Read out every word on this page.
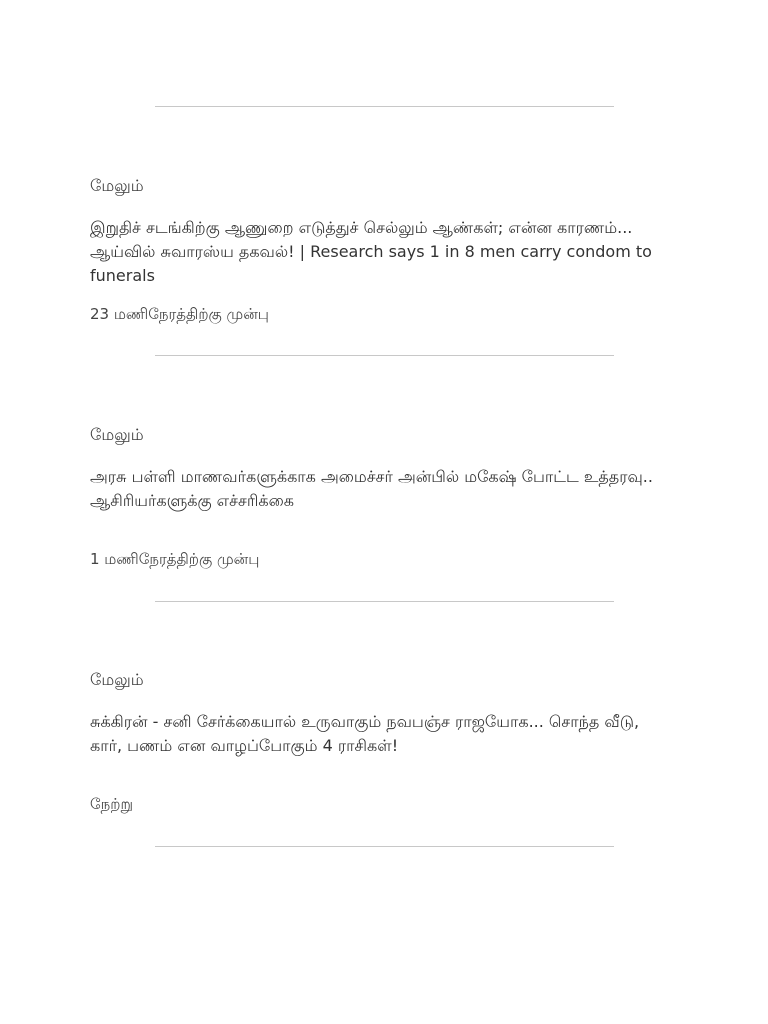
மேலும்
இறுதிச் சடங்கிற்கு ஆணுறை எடுத்துச் செல்லும் ஆண்கள்; என்ன காரணம்... ஆய்வில் சுவாரஸ்ய தகவல்! | Research says 1 in 8 men carry condom to funerals
23 மணிநேரத்திற்கு முன்பு
மேலும்
அரசு பள்ளி மாணவர்களுக்காக அமைச்சர் அன்பில் மகேஷ் போட்ட உத்தரவு.. ஆசிரியர்களுக்கு எச்சரிக்கை
1 மணிநேரத்திற்கு முன்பு
மேலும்
சுக்கிரன் - சனி சேர்க்கையால் உருவாகும் நவபஞ்ச ராஜயோக... சொந்த வீடு, கார், பணம் என வாழப்போகும் 4 ராசிகள்!
நேற்று
